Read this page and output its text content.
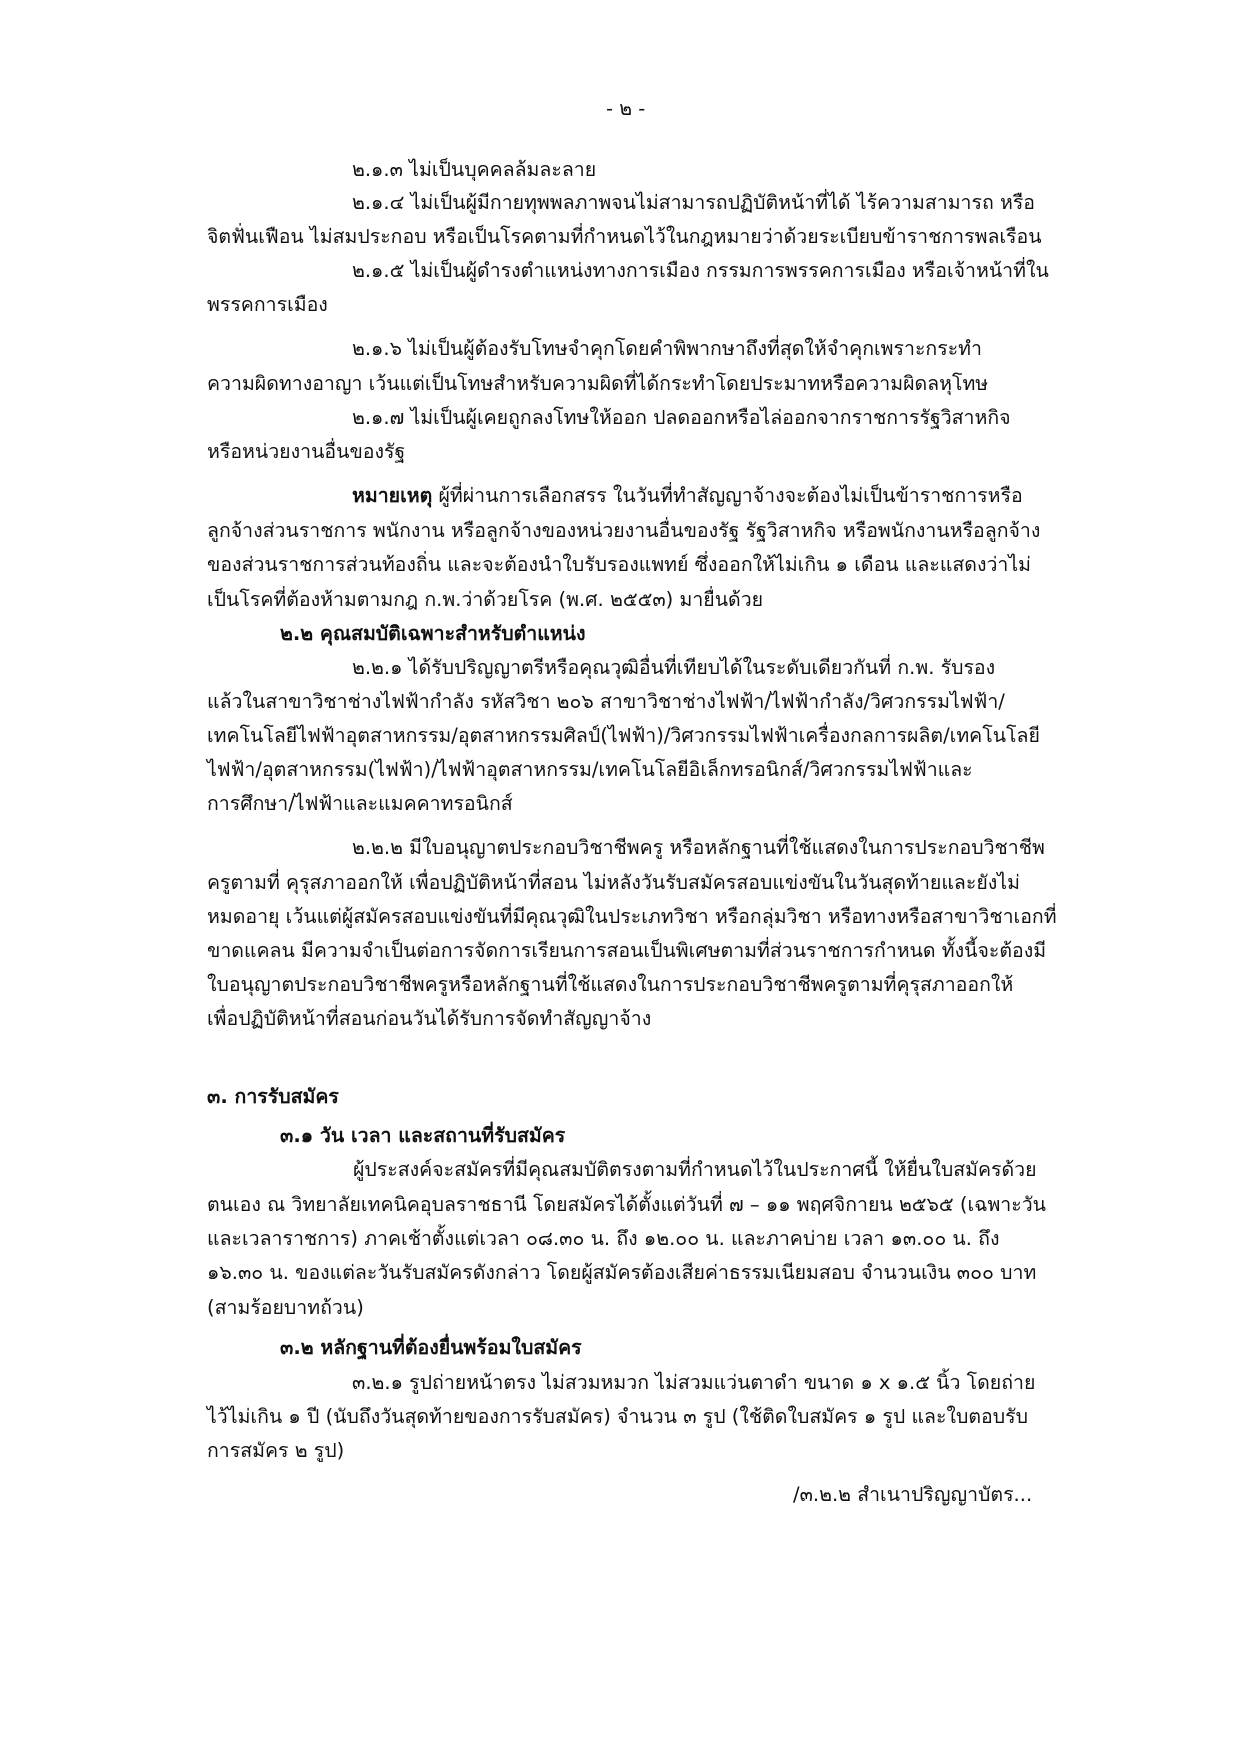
- ๒ -
๒.๑.๓ ไม่เป็นบุคคลล้มละลาย
๒.๑.๔ ไม่เป็นผู้มีกายทุพพลภาพจนไม่สามารถปฏิบัติหน้าที่ได้ ไร้ความสามารถ หรือ
จิตฟั่นเฟือน ไม่สมประกอบ หรือเป็นโรคตามที่กำหนดไว้ในกฎหมายว่าด้วยระเบียบข้าราชการพลเรือน
๒.๑.๕ ไม่เป็นผู้ดำรงตำแหน่งทางการเมือง กรรมการพรรคการเมือง หรือเจ้าหน้าที่ใน
พรรคการเมือง
๒.๑.๖ ไม่เป็นผู้ต้องรับโทษจำคุกโดยคำพิพากษาถึงที่สุดให้จำคุกเพราะกระทำ
ความผิดทางอาญา เว้นแต่เป็นโทษสำหรับความผิดที่ได้กระทำโดยประมาทหรือความผิดลหุโทษ
๒.๑.๗ ไม่เป็นผู้เคยถูกลงโทษให้ออก ปลดออกหรือไล่ออกจากราชการรัฐวิสาหกิจ
หรือหน่วยงานอื่นของรัฐ
หมายเหตุ ผู้ที่ผ่านการเลือกสรร ในวันที่ทำสัญญาจ้างจะต้องไม่เป็นข้าราชการหรือ
ลูกจ้างส่วนราชการ พนักงาน หรือลูกจ้างของหน่วยงานอื่นของรัฐ รัฐวิสาหกิจ หรือพนักงานหรือลูกจ้าง
ของส่วนราชการส่วนท้องถิ่น และจะต้องนำใบรับรองแพทย์ ซึ่งออกให้ไม่เกิน ๑ เดือน และแสดงว่าไม่
เป็นโรคที่ต้องห้ามตามกฎ ก.พ.ว่าด้วยโรค (พ.ศ. ๒๕๕๓) มายื่นด้วย
๒.๒ คุณสมบัติเฉพาะสำหรับตำแหน่ง
๒.๒.๑ ได้รับปริญญาตรีหรือคุณวุฒิอื่นที่เทียบได้ในระดับเดียวกันที่ ก.พ. รับรอง
แล้วในสาขาวิชาช่างไฟฟ้ากำลัง รหัสวิชา ๒๐๖ สาขาวิชาช่างไฟฟ้า/ไฟฟ้ากำลัง/วิศวกรรมไฟฟ้า/
เทคโนโลยีไฟฟ้าอุตสาหกรรม/อุตสาหกรรมศิลป์(ไฟฟ้า)/วิศวกรรมไฟฟ้าเครื่องกลการผลิต/เทคโนโลยี
ไฟฟ้า/อุตสาหกรรม(ไฟฟ้า)/ไฟฟ้าอุตสาหกรรม/เทคโนโลยีอิเล็กทรอนิกส์/วิศวกรรมไฟฟ้าและ
การศึกษา/ไฟฟ้าและแมคคาทรอนิกส์
๒.๒.๒ มีใบอนุญาตประกอบวิชาชีพครู หรือหลักฐานที่ใช้แสดงในการประกอบวิชาชีพ
ครูตามที่ คุรุสภาออกให้ เพื่อปฏิบัติหน้าที่สอน ไม่หลังวันรับสมัครสอบแข่งขันในวันสุดท้ายและยังไม่
หมดอายุ เว้นแต่ผู้สมัครสอบแข่งขันที่มีคุณวุฒิในประเภทวิชา หรือกลุ่มวิชา หรือทางหรือสาขาวิชาเอกที่
ขาดแคลน มีความจำเป็นต่อการจัดการเรียนการสอนเป็นพิเศษตามที่ส่วนราชการกำหนด ทั้งนี้จะต้องมี
ใบอนุญาตประกอบวิชาชีพครูหรือหลักฐานที่ใช้แสดงในการประกอบวิชาชีพครูตามที่คุรุสภาออกให้
เพื่อปฏิบัติหน้าที่สอนก่อนวันได้รับการจัดทำสัญญาจ้าง
๓. การรับสมัคร
๓.๑ วัน เวลา และสถานที่รับสมัคร
ผู้ประสงค์จะสมัครที่มีคุณสมบัติตรงตามที่กำหนดไว้ในประกาศนี้ ให้ยื่นใบสมัครด้วย
ตนเอง ณ วิทยาลัยเทคนิคอุบลราชธานี โดยสมัครได้ตั้งแต่วันที่ ๗ – ๑๑ พฤศจิกายน ๒๕๖๕ (เฉพาะวัน
และเวลาราชการ) ภาคเช้าตั้งแต่เวลา ๐๘.๓๐ น. ถึง ๑๒.๐๐ น. และภาคบ่าย เวลา ๑๓.๐๐ น. ถึง
๑๖.๓๐ น. ของแต่ละวันรับสมัครดังกล่าว โดยผู้สมัครต้องเสียค่าธรรมเนียมสอบ จำนวนเงิน ๓๐๐ บาท
(สามร้อยบาทถ้วน)
๓.๒ หลักฐานที่ต้องยื่นพร้อมใบสมัคร
๓.๒.๑ รูปถ่ายหน้าตรง ไม่สวมหมวก ไม่สวมแว่นตาดำ ขนาด ๑ x ๑.๕ นิ้ว โดยถ่าย
ไว้ไม่เกิน ๑ ปี (นับถึงวันสุดท้ายของการรับสมัคร) จำนวน ๓ รูป (ใช้ติดใบสมัคร ๑ รูป และใบตอบรับ
การสมัคร ๒ รูป)
/๓.๒.๒ สำเนาปริญญาบัตร...
